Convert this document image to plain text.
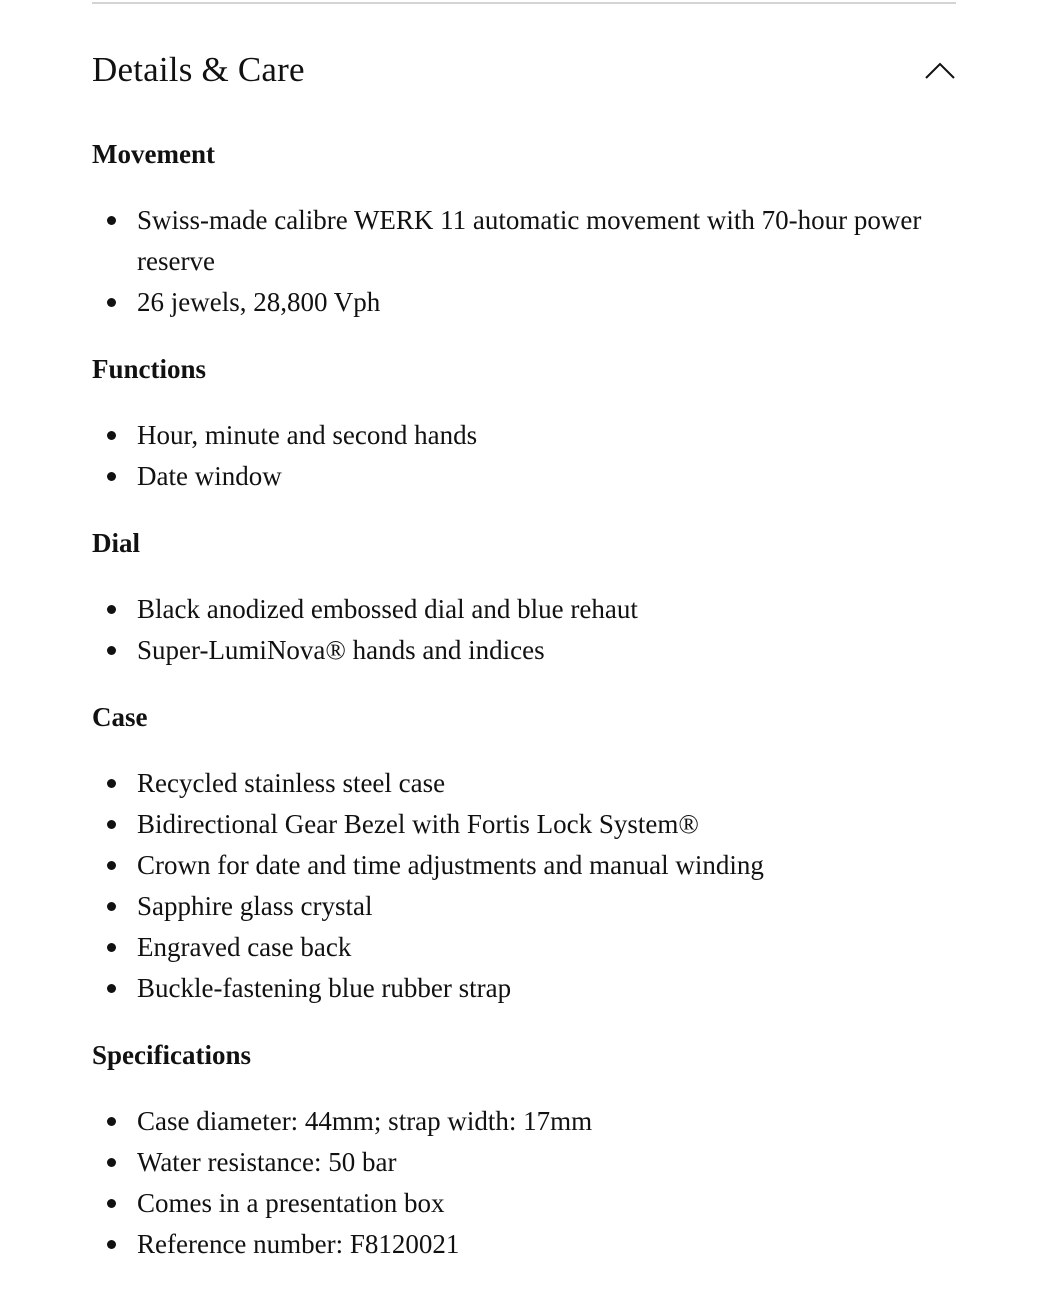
Details & Care
Movement
Swiss-made calibre WERK 11 automatic movement with 70-hour power reserve
26 jewels, 28,800 Vph
Functions
Hour, minute and second hands
Date window
Dial
Black anodized embossed dial and blue rehaut
Super-LumiNova® hands and indices
Case
Recycled stainless steel case
Bidirectional Gear Bezel with Fortis Lock System®
Crown for date and time adjustments and manual winding
Sapphire glass crystal
Engraved case back
Buckle-fastening blue rubber strap
Specifications
Case diameter: 44mm; strap width: 17mm
Water resistance: 50 bar
Comes in a presentation box
Reference number: F8120021
